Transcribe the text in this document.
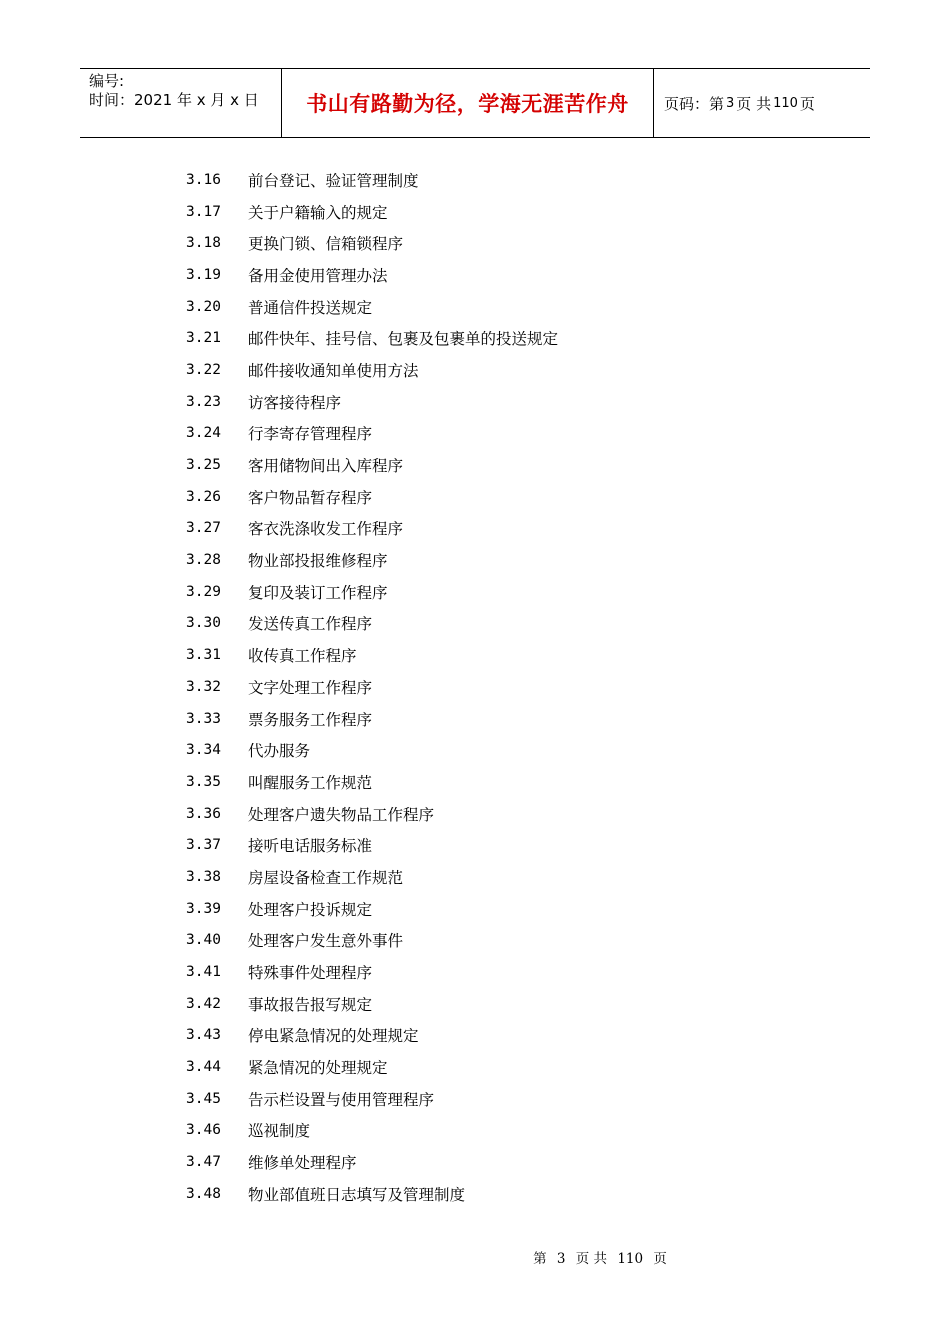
编号:
时间：2021 年 x 月 x 日	书山有路勤为径，学海无涯苦作舟	页码：第 3 页 共 110 页
3.16	前台登记、验证管理制度
3.17	关于户籍输入的规定
3.18	更换门锁、信箱锁程序
3.19	备用金使用管理办法
3.20	普通信件投送规定
3.21	邮件快年、挂号信、包裹及包裹单的投送规定
3.22	邮件接收通知单使用方法
3.23	访客接待程序
3.24	行李寄存管理程序
3.25	客用储物间出入库程序
3.26	客户物品暂存程序
3.27	客衣洗涤收发工作程序
3.28	物业部投报维修程序
3.29	复印及装订工作程序
3.30	发送传真工作程序
3.31	收传真工作程序
3.32	文字处理工作程序
3.33	票务服务工作程序
3.34	代办服务
3.35	叫醒服务工作规范
3.36	处理客户遗失物品工作程序
3.37	接听电话服务标准
3.38	房屋设备检查工作规范
3.39	处理客户投诉规定
3.40	处理客户发生意外事件
3.41	特殊事件处理程序
3.42	事故报告报写规定
3.43	停电紧急情况的处理规定
3.44	紧急情况的处理规定
3.45	告示栏设置与使用管理程序
3.46	巡视制度
3.47	维修单处理程序
3.48	物业部值班日志填写及管理制度
第 3 页 共 110 页
